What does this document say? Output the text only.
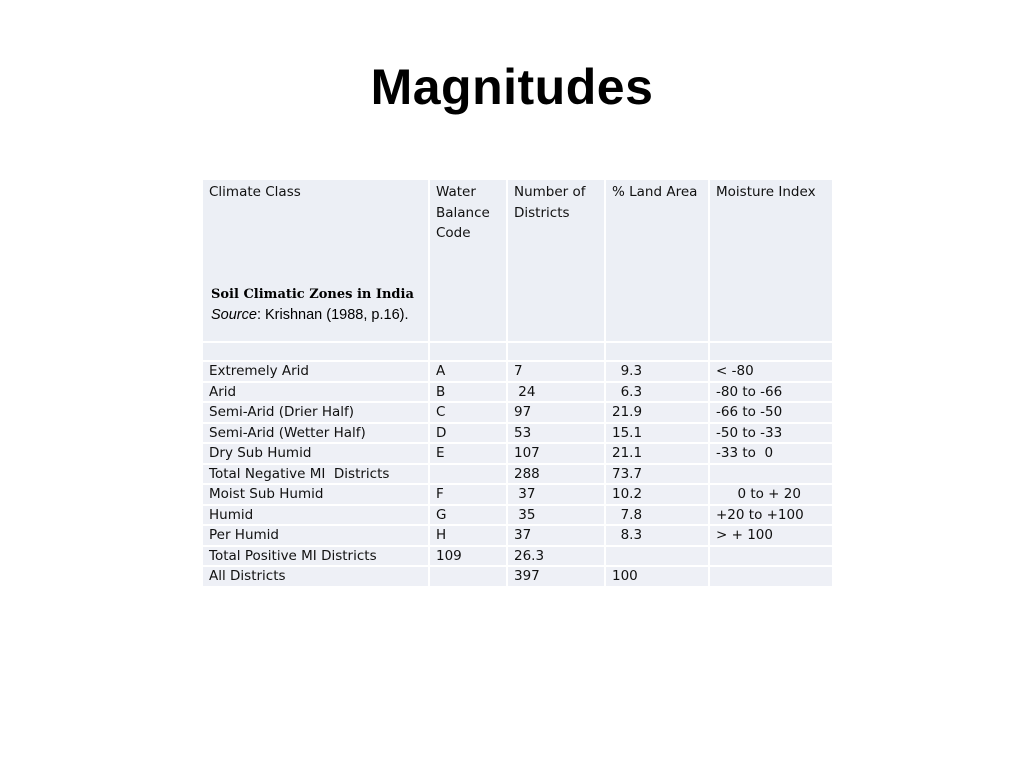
Magnitudes
Climate Class	Water Balance Code	Number of Districts	% Land Area	Moisture Index

Extremely Arid	A	7	9.3	< -80
Arid	B	24	6.3	-80 to -66
Semi-Arid (Drier Half)	C	97	21.9	-66 to -50
Semi-Arid (Wetter Half)	D	53	15.1	-50 to -33
Dry Sub Humid	E	107	21.1	-33 to  0
Total Negative MI  Districts		288	73.7	
Moist Sub Humid	F	37	10.2	0 to + 20
Humid	G	35	7.8	+20 to +100
Per Humid	H	37	8.3	> + 100
Total Positive MI Districts	109	26.3		
All Districts		397	100	
Soil Climatic Zones in India
Source: Krishnan (1988, p.16).
